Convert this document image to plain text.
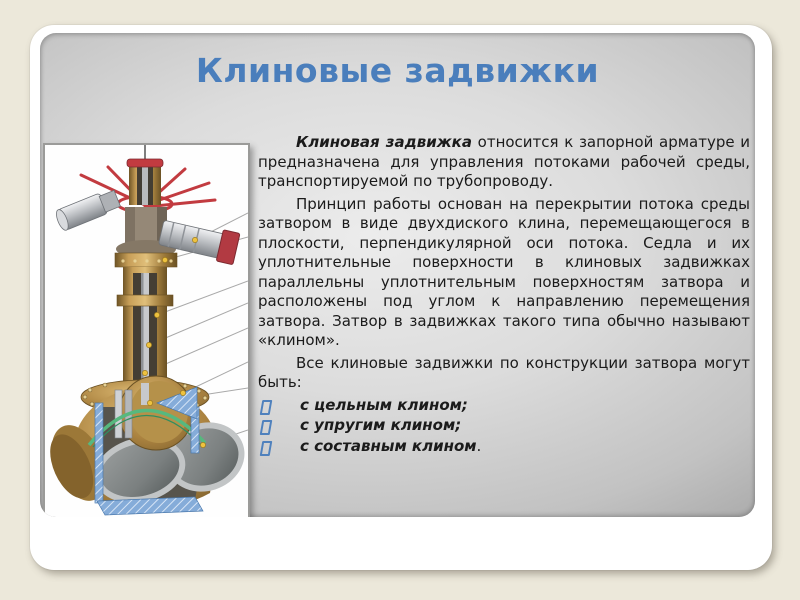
Клиновые задвижки

Клиновая задвижка относится к запорной арматуре и предназначена для управления потоками рабочей среды, транспортируемой по трубопроводу.

Принцип работы основан на перекрытии потока среды затвором в виде двухдиского клина, перемещающегося в плоскости, перпендикулярной оси потока. Седла и их уплотнительные поверхности в клиновых задвижках параллельны уплотнительным поверхностям затвора и расположены под углом к направлению перемещения затвора. Затвор в задвижках такого типа обычно называют «клином».

Все клиновые задвижки по конструкции затвора могут быть:

с цельным клином;
с упругим клином;
с составным клином.
